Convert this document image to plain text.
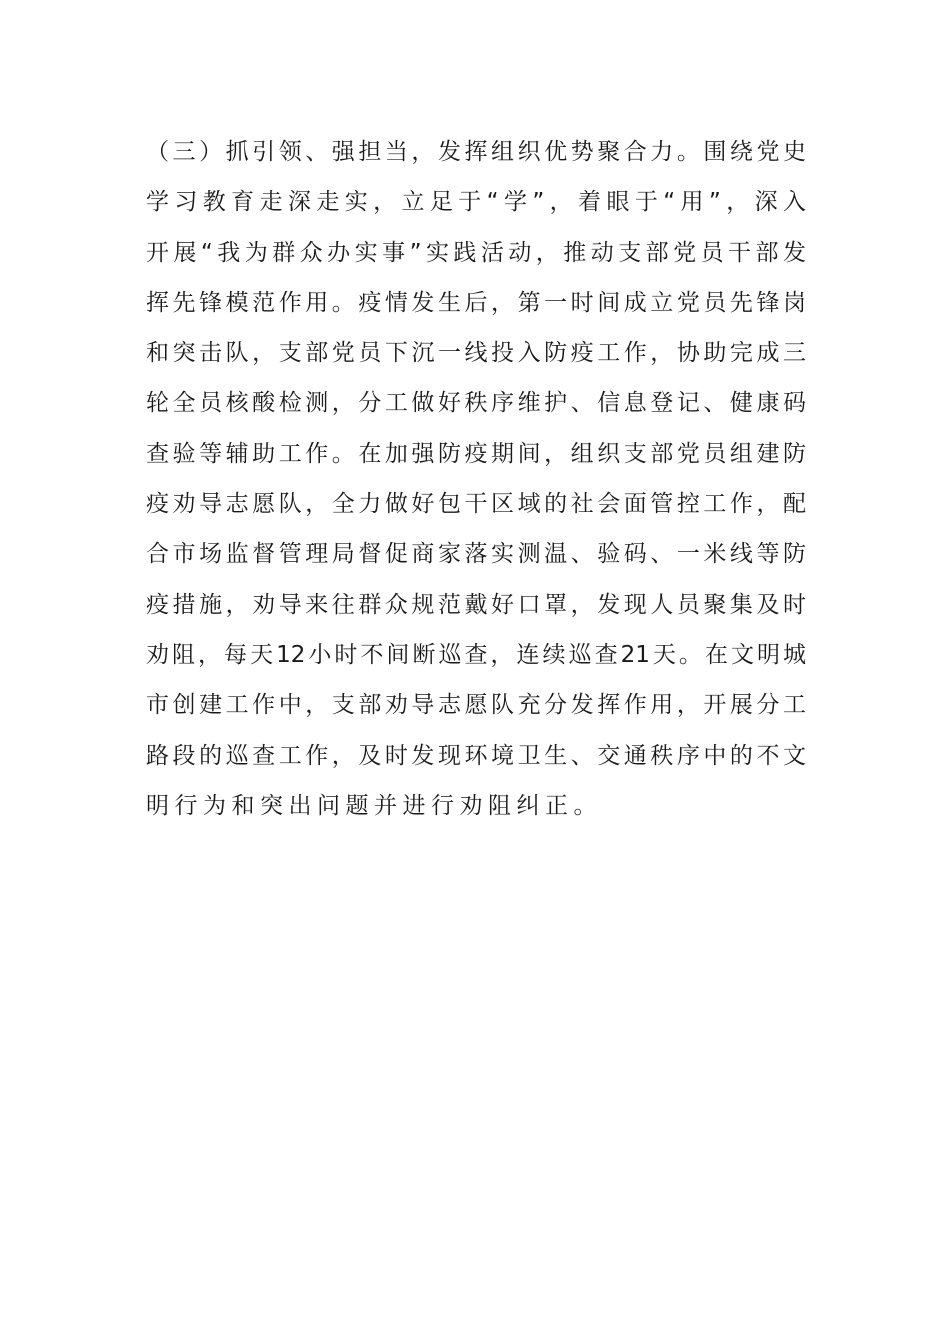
（三）抓引领、强担当，发挥组织优势聚合力。围绕党史
学习教育走深走实，立足于“学”，着眼于“用”，深入
开展“我为群众办实事”实践活动，推动支部党员干部发
挥先锋模范作用。疫情发生后，第一时间成立党员先锋岗
和突击队，支部党员下沉一线投入防疫工作，协助完成三
轮全员核酸检测，分工做好秩序维护、信息登记、健康码
查验等辅助工作。在加强防疫期间，组织支部党员组建防
疫劝导志愿队，全力做好包干区域的社会面管控工作，配
合市场监督管理局督促商家落实测温、验码、一米线等防
疫措施，劝导来往群众规范戴好口罩，发现人员聚集及时
劝阻，每天12小时不间断巡查，连续巡查21天。在文明城
市创建工作中，支部劝导志愿队充分发挥作用，开展分工
路段的巡查工作，及时发现环境卫生、交通秩序中的不文
明行为和突出问题并进行劝阻纠正。
